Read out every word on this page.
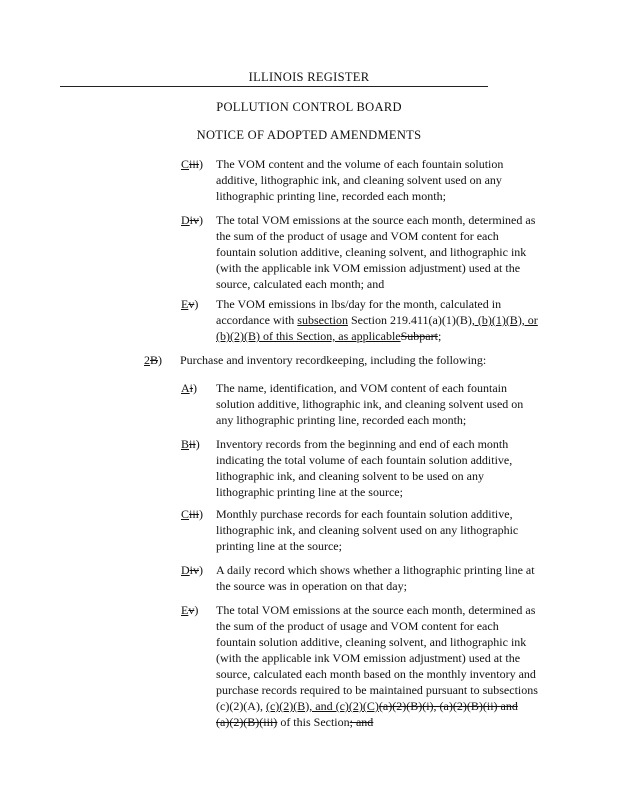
ILLINOIS REGISTER
POLLUTION CONTROL BOARD
NOTICE OF ADOPTED AMENDMENTS
Ciii) The VOM content and the volume of each fountain solution
additive, lithographic ink, and cleaning solvent used on any
lithographic printing line, recorded each month;
Div) The total VOM emissions at the source each month, determined as
the sum of the product of usage and VOM content for each
fountain solution additive, cleaning solvent, and lithographic ink
(with the applicable ink VOM emission adjustment) used at the
source, calculated each month; and
Ev) The VOM emissions in lbs/day for the month, calculated in
accordance with subsection Section 219.411(a)(1)(B), (b)(1)(B), or
(b)(2)(B) of this Section, as applicableSubpart;
2B) Purchase and inventory recordkeeping, including the following:
Ai) The name, identification, and VOM content of each fountain
solution additive, lithographic ink, and cleaning solvent used on
any lithographic printing line, recorded each month;
Bii) Inventory records from the beginning and end of each month
indicating the total volume of each fountain solution additive,
lithographic ink, and cleaning solvent to be used on any
lithographic printing line at the source;
Ciii) Monthly purchase records for each fountain solution additive,
lithographic ink, and cleaning solvent used on any lithographic
printing line at the source;
Div) A daily record which shows whether a lithographic printing line at
the source was in operation on that day;
Ev) The total VOM emissions at the source each month, determined as
the sum of the product of usage and VOM content for each
fountain solution additive, cleaning solvent, and lithographic ink
(with the applicable ink VOM emission adjustment) used at the
source, calculated each month based on the monthly inventory and
purchase records required to be maintained pursuant to subsections
(c)(2)(A), (c)(2)(B), and (c)(2)(C)(a)(2)(B)(i), (a)(2)(B)(ii) and
(a)(2)(B)(iii) of this Section; and
